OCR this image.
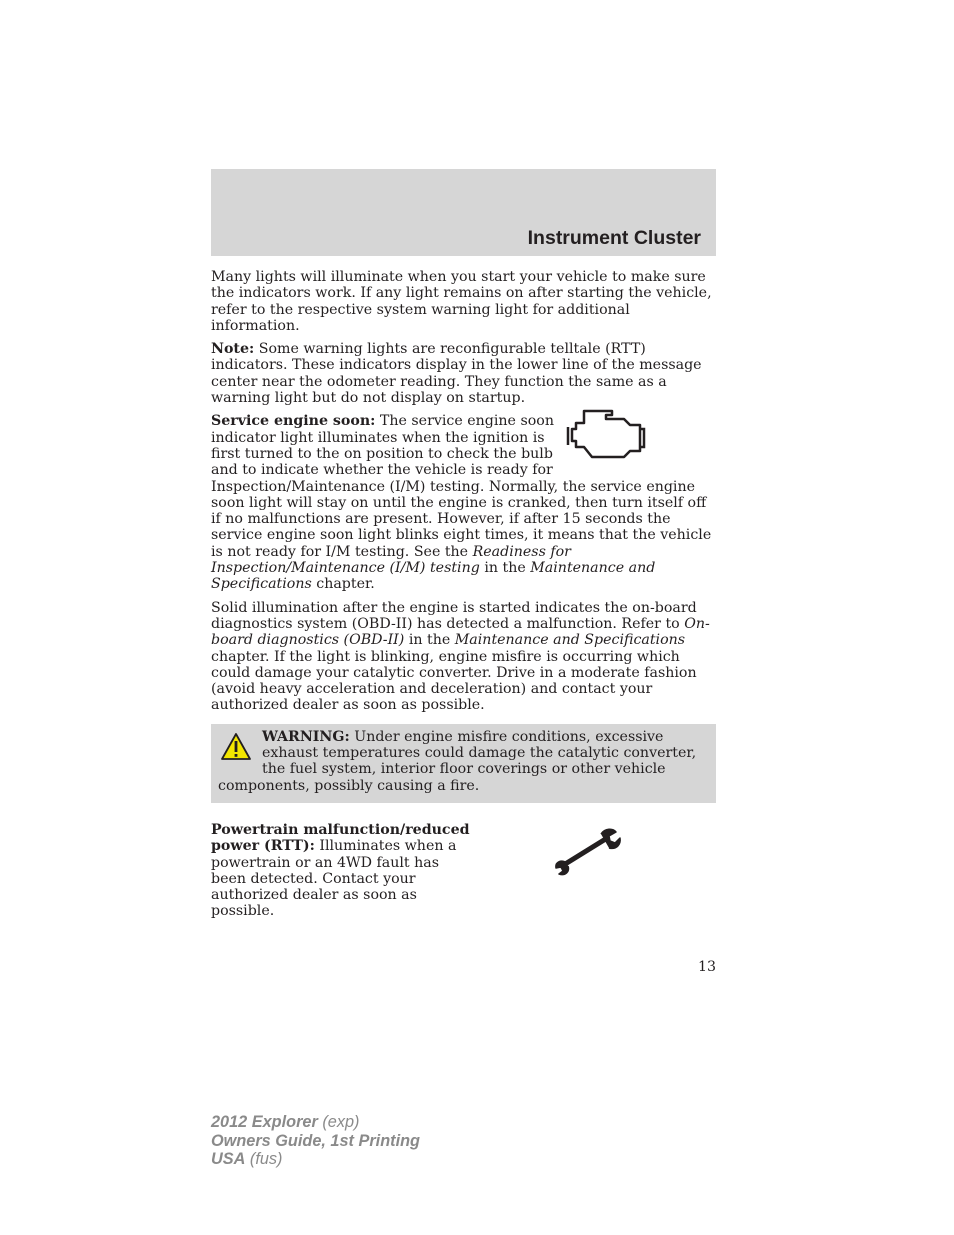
Instrument Cluster

Many lights will illuminate when you start your vehicle to make sure the indicators work. If any light remains on after starting the vehicle, refer to the respective system warning light for additional information.

Note: Some warning lights are reconfigurable telltale (RTT) indicators. These indicators display in the lower line of the message center near the odometer reading. They function the same as a warning light but do not display on startup.

Service engine soon: The service engine soon indicator light illuminates when the ignition is first turned to the on position to check the bulb and to indicate whether the vehicle is ready for Inspection/Maintenance (I/M) testing. Normally, the service engine soon light will stay on until the engine is cranked, then turn itself off if no malfunctions are present. However, if after 15 seconds the service engine soon light blinks eight times, it means that the vehicle is not ready for I/M testing. See the Readiness for Inspection/Maintenance (I/M) testing in the Maintenance and Specifications chapter.

Solid illumination after the engine is started indicates the on-board diagnostics system (OBD-II) has detected a malfunction. Refer to On-board diagnostics (OBD-II) in the Maintenance and Specifications chapter. If the light is blinking, engine misfire is occurring which could damage your catalytic converter. Drive in a moderate fashion (avoid heavy acceleration and deceleration) and contact your authorized dealer as soon as possible.

WARNING: Under engine misfire conditions, excessive exhaust temperatures could damage the catalytic converter, the fuel system, interior floor coverings or other vehicle components, possibly causing a fire.
Powertrain malfunction/reduced power (RTT): Illuminates when a powertrain or an 4WD fault has been detected. Contact your authorized dealer as soon as possible.
13
2012 Explorer (exp)
Owners Guide, 1st Printing
USA (fus)
